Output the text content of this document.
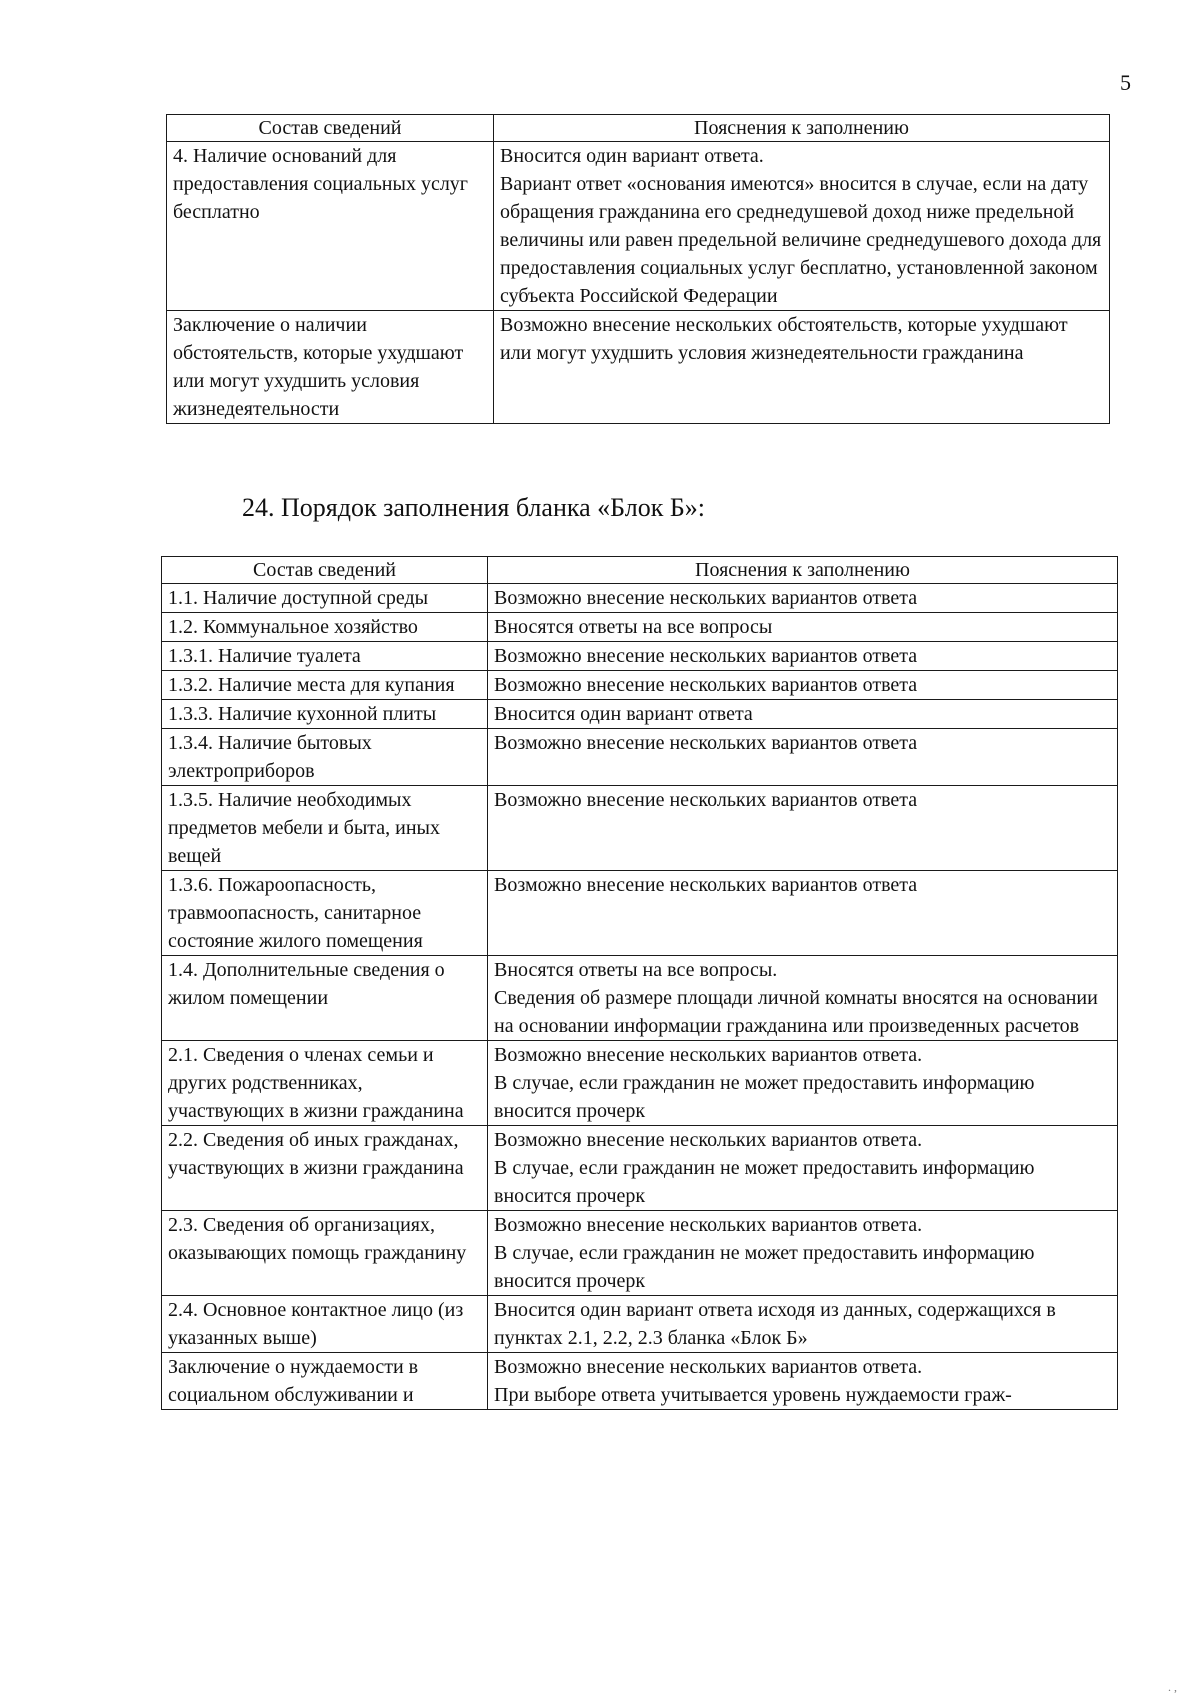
5
Состав сведений	Пояснения к заполнению
4. Наличие оснований для предоставления социальных услуг бесплатно	Вносится один вариант ответа.
Вариант ответ «основания имеются» вносится в случае, если на дату обращения гражданина его среднедушевой доход ниже предельной величины или равен предельной величине среднедушевого дохода для предоставления социальных услуг бесплатно, установленной законом субъекта Российской Федерации

Заключение о наличии обстоятельств, которые ухудшают или могут ухудшить условия жизнедеятельности	Возможно внесение нескольких обстоятельств, которые ухудшают или могут ухудшить условия жизнедеятельности гражданина
24. Порядок заполнения бланка «Блок Б»:
Состав сведений	Пояснения к заполнению
1.1. Наличие доступной среды	Возможно внесение нескольких вариантов ответа

1.2. Коммунальное хозяйство	Вносятся ответы на все вопросы

1.3.1. Наличие туалета	Возможно внесение нескольких вариантов ответа

1.3.2. Наличие места для купания	Возможно внесение нескольких вариантов ответа

1.3.3. Наличие кухонной плиты	Вносится один вариант ответа

1.3.4. Наличие бытовых электроприборов	Возможно внесение нескольких вариантов ответа

1.3.5. Наличие необходимых предметов мебели и быта, иных вещей	Возможно внесение нескольких вариантов ответа

1.3.6. Пожароопасность, травмоопасность, санитарное состояние жилого помещения	Возможно внесение нескольких вариантов ответа

1.4. Дополнительные сведения о жилом помещении	Вносятся ответы на все вопросы.
Сведения об размере площади личной комнаты вносятся на основании на основании информации гражданина или произведенных расчетов

2.1. Сведения о членах семьи и других родственниках, участвующих в жизни гражданина	Возможно внесение нескольких вариантов ответа.
В случае, если гражданин не может предоставить информацию вносится прочерк

2.2. Сведения об иных гражданах, участвующих в жизни гражданина	Возможно внесение нескольких вариантов ответа.
В случае, если гражданин не может предоставить информацию вносится прочерк

2.3. Сведения об организациях, оказывающих помощь гражданину	Возможно внесение нескольких вариантов ответа.
В случае, если гражданин не может предоставить информацию вносится прочерк

2.4. Основное контактное лицо (из указанных выше)	Вносится один вариант ответа исходя из данных, содержащихся в пунктах 2.1, 2.2, 2.3 бланка «Блок Б»

Заключение о нуждаемости в социальном обслуживании и	Возможно внесение нескольких вариантов ответа.
При выборе ответа учитывается уровень нуждаемости граж-
. ,
